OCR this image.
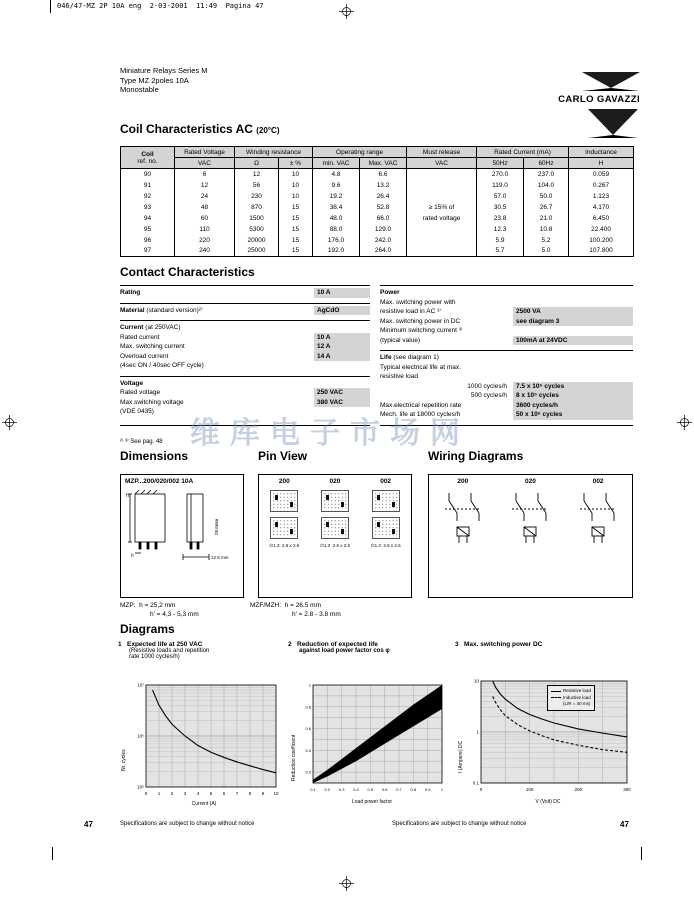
046/47-MZ 2P 10A eng  2-03-2001  11:49  Pagina 47
Miniature Relays Series M
Type MZ 2poles 10A
Monostable
CARLO GAVAZZI
Coil Characteristics AC (20°C)
Coil
ref. no.	Rated Voltage	Winding resistance		Operating range		Must release	Rated Current (mA)		Inductance
	VAC	Ω	± %	min. VAC	Max. VAC	VAC	50Hz	60Hz	H
90	6	12	10	4.8	6.6		270.0	237.0	0.059
91	12	56	10	9.6	13.2		119.0	104.0	0.267
92	24	230	10	19.2	26.4		57.0	50.0	1.123
93	48	870	15	38.4	52.8	≥ 15% of	30.5	26.7	4.170
94	60	1500	15	48.0	66.0	rated voltage	23.8	21.0	6.450
95	110	5300	15	88.0	129.0		12.3	10.8	22.400
96	220	20000	15	176.0	242.0		5.9	5.2	100.200
97	240	25000	15	192.0	264.0		5.7	5.0	107.800
Contact Characteristics
Rating	10 A
Material (standard version)²⁾	AgCdO
Current (at 250VAC)
Rated current	10 A
Max. switching current	12 A
Overload current	14 A
(4sec ON / 40sec OFF cycle)
Voltage
Rated voltage	250 VAC
Max.switching voltage	380 VAC
(VDE 0435)
Power
Max. switching power with
resistive load in AC ³⁾	2500 VA
Max. switching power in DC	see diagram 3
Minimum switching current ³⁾
(typical value)	100mA at 24VDC
Life (see diagram 1)
Typical electrical life at max.
resistive load
1000 cycles/h	7.5 x 10⁵ cycles
500 cycles/h	8 x 10⁵ cycles
Max.electrical repetition rate	3600 cycles/h
Mech. life at 18000 cycles/h	50 x 10⁶ cycles
²⁾ ³⁾ See pag. 48 维库电子市场网
Dimensions	Pin View	Wiring Diagrams
MZP...200/020/002 10A
h
h'
28.6mm
12.5 mm
200
∅1.3 2.6 x 2.6
020
∅1.3 2.6 x 2.6
002
∅1.3 2.6 x 2.6
200	020	002
MZP: h = 25,2 mm
h' = 4,3 - 5,3 mm
MZF/MZH: h = 26.5 mm
h' = 2.8 - 3.8 mm
Diagrams
1 Expected life at 250 VAC
(Resistive loads and repetition
rate 1000 cycles/h)
Nr. cycles
0 1 2 3 4 5 6 7 8 9 10
10⁷
10⁶
10⁵
Current (A)
2 Reduction of expected life
against load power factor cos φ
Reduction coefficient
0.1 0.2 0.3 0.4 0.5 0.6 0.7 0.8 0.9	1
0.2
0.4
0.6
0.8
1
Load power factor
3 Max. switching power DC
I (Ampere) DC
0	100	200	300
10
1
0.1
Resistive load
Inductive load
(L/R = 40 ms)
V (Volt) DC
47	Specifications are subject to change without notice	Specifications are subject to change without notice	47
